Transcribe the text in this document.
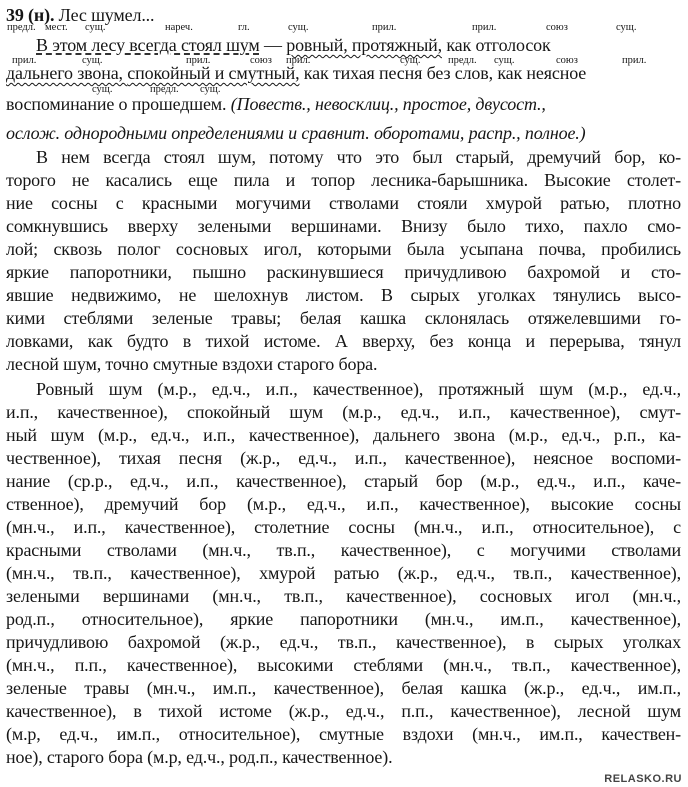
39 (н). Лес шумел...
предл. мест. сущ.	нареч.	гл.	сущ.	прил.	прил.	союз	сущ.
В этом лесу всегда стоял шум — ровный, протяжный, как отголосок
прил.	сущ.	прил.	союз прил.	сущ.	предл. сущ.	союз	прил.
дальнего звона, спокойный и смутный, как тихая песня без слов, как неясное
сущ.	предл. сущ.
воспоминание о прошедшем. (Повеств., невосклиц., простое, двусост.,
ослож. однородными определениями и сравнит. оборотами, распр., полное.)
В нем всегда стоял шум, потому что это был старый, дремучий бор, ко-
торого не касались еще пила и топор лесника-барышника. Высокие столет-
ние сосны с красными могучими стволами стояли хмурой ратью, плотно
сомкнувшись вверху зелеными вершинами. Внизу было тихо, пахло смо-
лой; сквозь полог сосновых игол, которыми была усыпана почва, пробились
яркие папоротники, пышно раскинувшиеся причудливою бахромой и сто-
явшие недвижимо, не шелохнув листом. В сырых уголках тянулись высо-
кими стеблями зеленые травы; белая кашка склонялась отяжелевшими го-
ловками, как будто в тихой истоме. А вверху, без конца и перерыва, тянул
лесной шум, точно смутные вздохи старого бора.
Ровный шум (м.р., ед.ч., и.п., качественное), протяжный шум (м.р., ед.ч.,
и.п., качественное), спокойный шум (м.р., ед.ч., и.п., качественное), смут-
ный шум (м.р., ед.ч., и.п., качественное), дальнего звона (м.р., ед.ч., р.п., ка-
чественное), тихая песня (ж.р., ед.ч., и.п., качественное), неясное воспоми-
нание (ср.р., ед.ч., и.п., качественное), старый бор (м.р., ед.ч., и.п., каче-
ственное), дремучий бор (м.р., ед.ч., и.п., качественное), высокие сосны
(мн.ч., и.п., качественное), столетние сосны (мн.ч., и.п., относительное), с
красными стволами (мн.ч., тв.п., качественное), с могучими стволами
(мн.ч., тв.п., качественное), хмурой ратью (ж.р., ед.ч., тв.п., качественное),
зелеными вершинами (мн.ч., тв.п., качественное), сосновых игол (мн.ч.,
род.п., относительное), яркие папоротники (мн.ч., им.п., качественное),
причудливою бахромой (ж.р., ед.ч., тв.п., качественное), в сырых уголках
(мн.ч., п.п., качественное), высокими стеблями (мн.ч., тв.п., качественное),
зеленые травы (мн.ч., им.п., качественное), белая кашка (ж.р., ед.ч., им.п.,
качественное), в тихой истоме (ж.р., ед.ч., п.п., качественное), лесной шум
(м.р, ед.ч., им.п., относительное), смутные вздохи (мн.ч., им.п., качествен-
ное), старого бора (м.р, ед.ч., род.п., качественное).
RELASKO.RU
